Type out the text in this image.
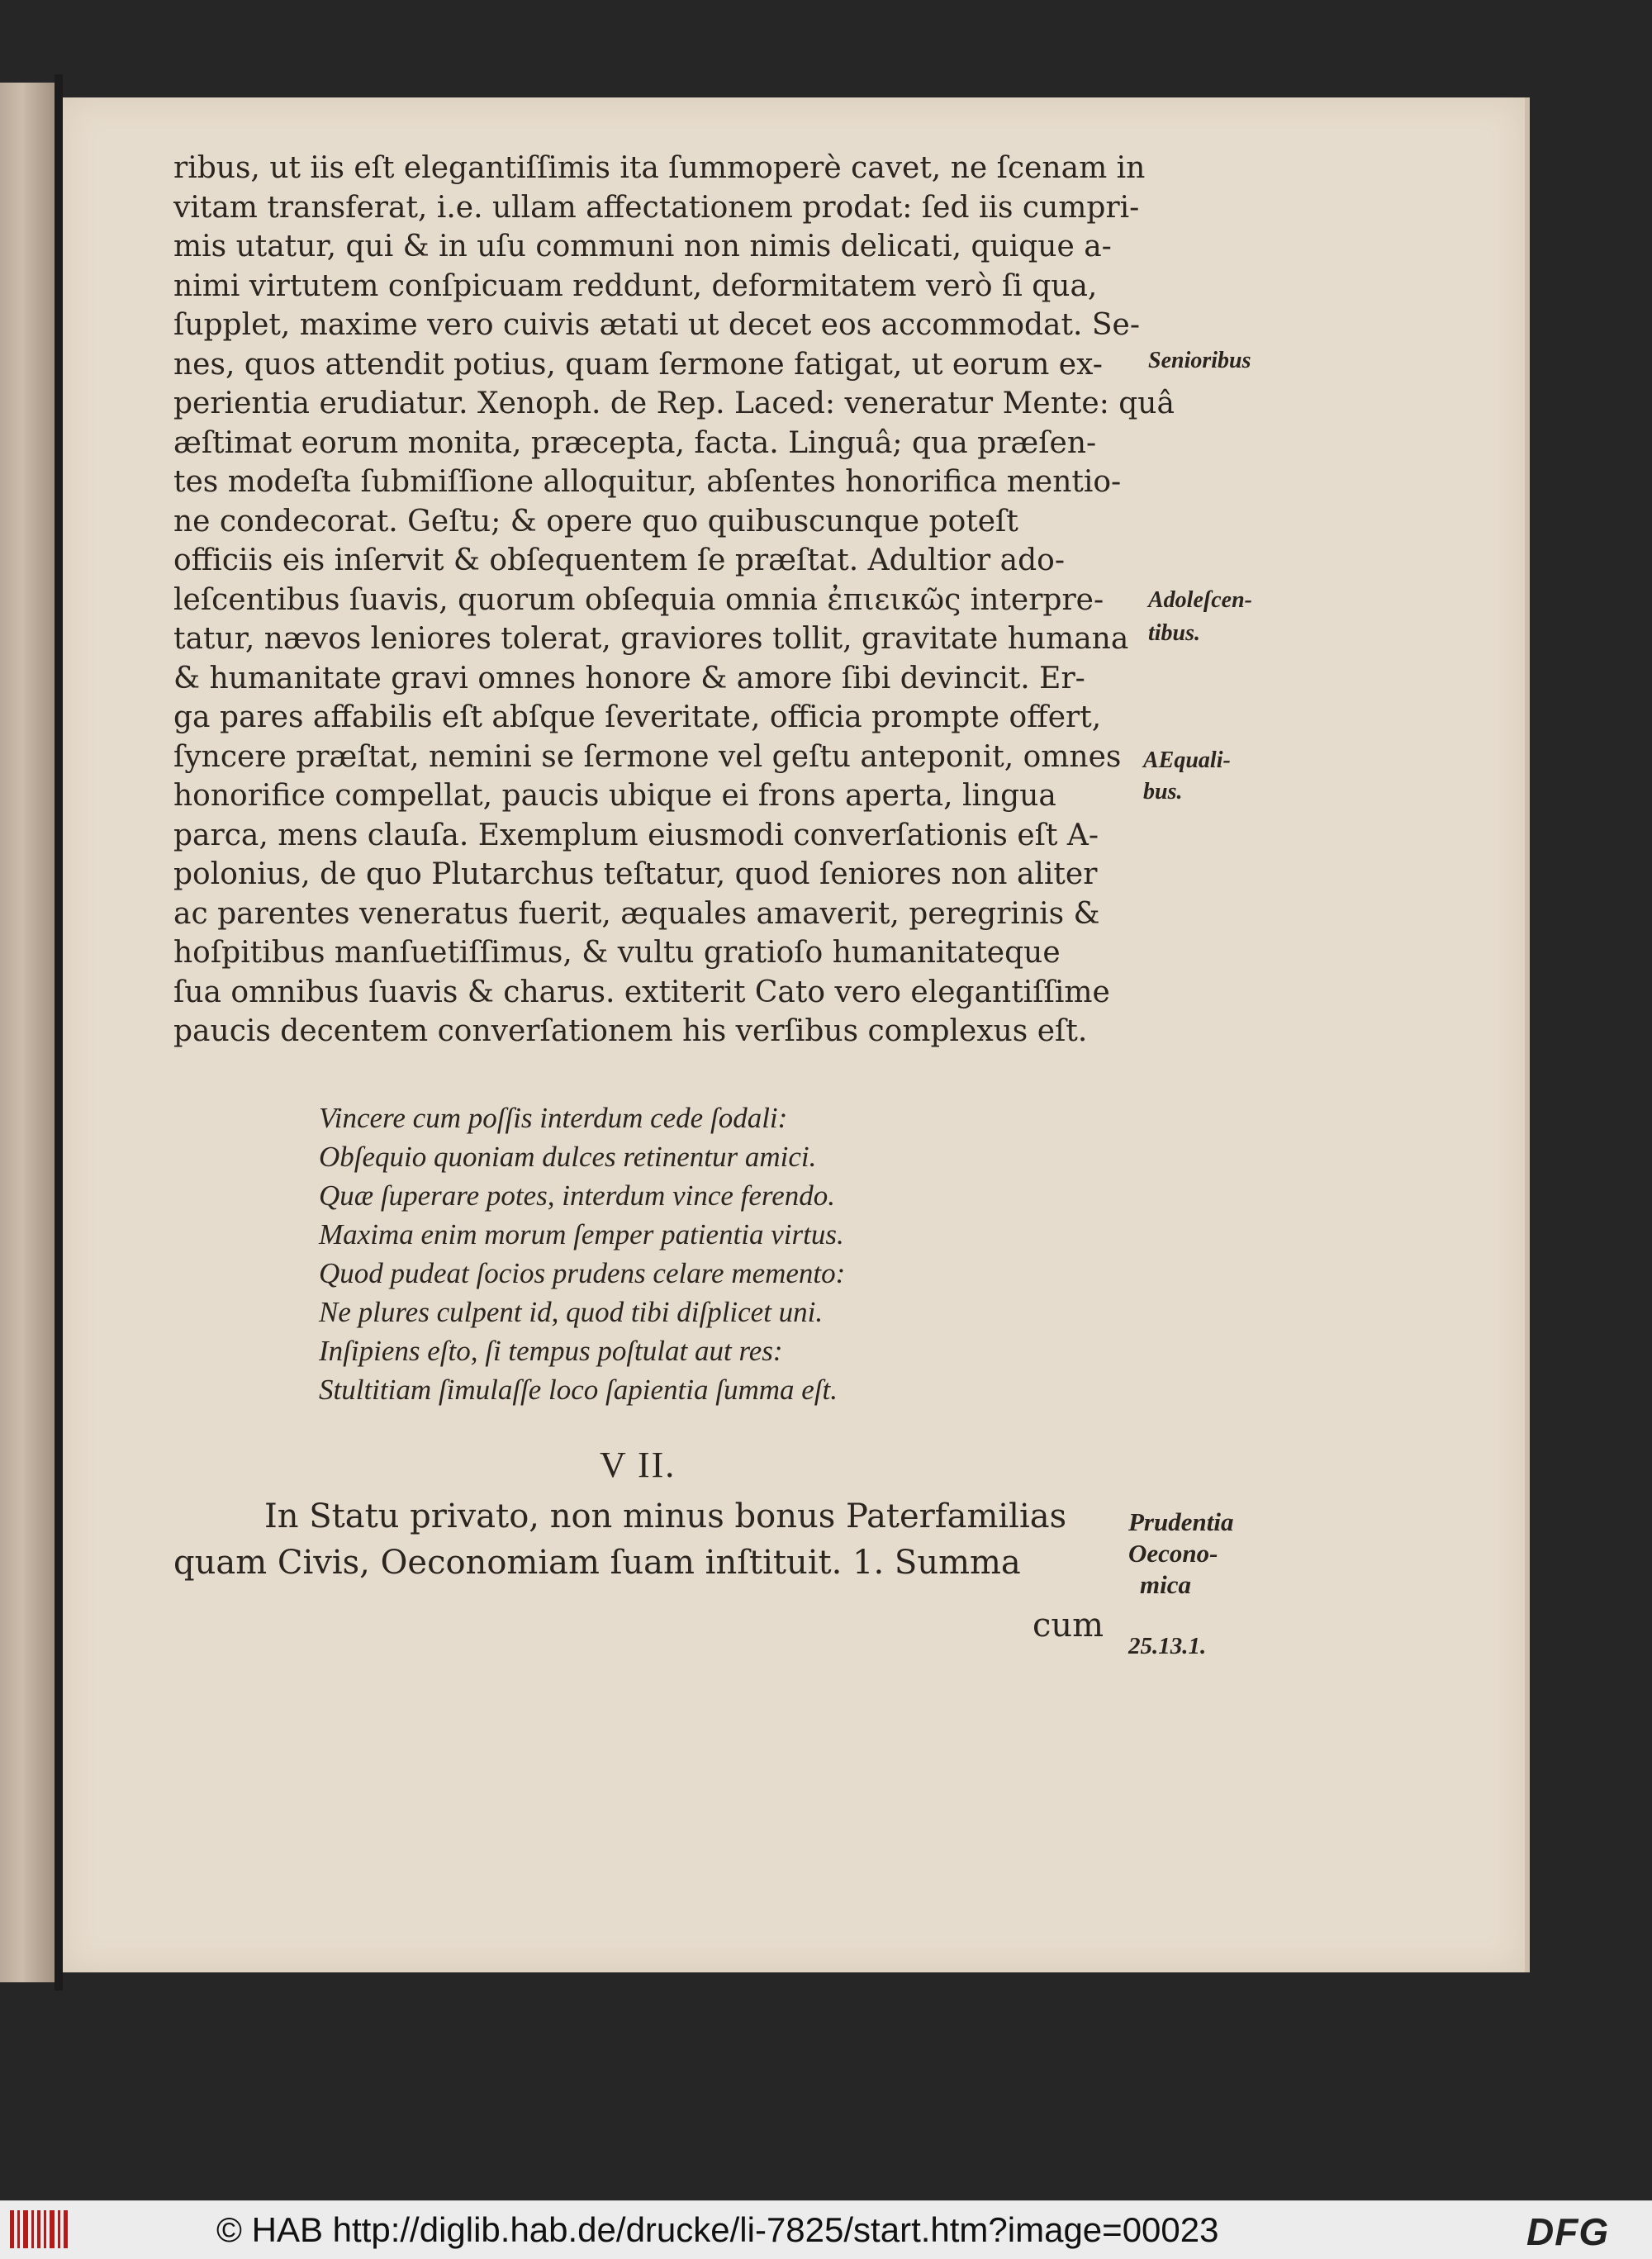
ribus, ut iis eſt elegantiſſimis ita ſummoperè cavet, ne ſcenam in
vitam transferat, i.e. ullam affectationem prodat: ſed iis cumpri-
mis utatur, qui & in uſu communi non nimis delicati, quique a-
nimi virtutem conſpicuam reddunt, deformitatem verò ſi qua,
ſupplet, maxime vero cuivis ætati ut decet eos accommodat. Se-
nes, quos attendit potius, quam ſermone fatigat, ut eorum ex-
perientia erudiatur. Xenoph. de Rep. Laced: veneratur Mente: quâ
æſtimat eorum monita, præcepta, facta. Linguâ; qua præſen-
tes modeſta ſubmiſſione alloquitur, abſentes honorifica mentio-
ne condecorat. Geſtu; & opere quo quibuscunque poteſt
officiis eis inſervit & obſequentem ſe præſtat. Adultior ado-
leſcentibus ſuavis, quorum obſequia omnia ἐπιεικῶς interpre-
tatur, nævos leniores tolerat, graviores tollit, gravitate humana
& humanitate gravi omnes honore & amore ſibi devincit. Er-
ga pares affabilis eſt abſque ſeveritate, officia prompte offert,
ſyncere præſtat, nemini se ſermone vel geſtu anteponit, omnes
honorifice compellat, paucis ubique ei frons aperta, lingua
parca, mens clauſa. Exemplum eiusmodi converſationis eſt A-
polonius, de quo Plutarchus teſtatur, quod ſeniores non aliter
ac parentes veneratus fuerit, æquales amaverit, peregrinis &
hoſpitibus manſuetiſſimus, & vultu gratioſo humanitateque
ſua omnibus ſuavis & charus. extiterit Cato vero elegantiſſime
paucis decentem converſationem his verſibus complexus eſt.
Senioribus
Adoleſcen-
tibus.
AEquali-
bus.
Vincere cum poſſis interdum cede ſodali:
Obſequio quoniam dulces retinentur amici.
Quæ ſuperare potes, interdum vince ferendo.
Maxima enim morum ſemper patientia virtus.
Quod pudeat ſocios prudens celare memento:
Ne plures culpent id, quod tibi diſplicet uni.
Inſipiens eſto, ſi tempus poſtulat aut res:
Stultitiam ſimulaſſe loco ſapientia ſumma eſt.
V II.
In Statu privato, non minus bonus Paterfamilias
quam Civis, Oeconomiam ſuam inſtituit. 1. Summa
cum
Prudentia
Oecono-
mica
25.13.1.
© HAB http://diglib.hab.de/drucke/li-7825/start.htm?image=00023	DFG
